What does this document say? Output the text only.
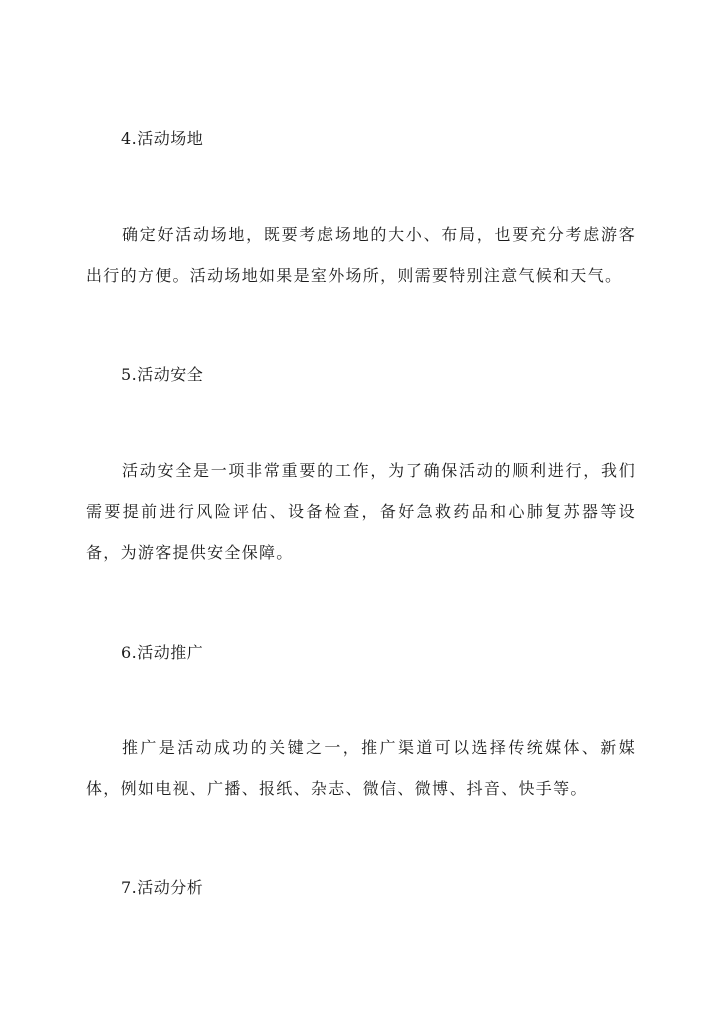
4.活动场地
确定好活动场地，既要考虑场地的大小、布局，也要充分考虑游客出行的方便。活动场地如果是室外场所，则需要特别注意气候和天气。
5.活动安全
活动安全是一项非常重要的工作，为了确保活动的顺利进行，我们需要提前进行风险评估、设备检查，备好急救药品和心肺复苏器等设备，为游客提供安全保障。
6.活动推广
推广是活动成功的关键之一，推广渠道可以选择传统媒体、新媒体，例如电视、广播、报纸、杂志、微信、微博、抖音、快手等。
7.活动分析
